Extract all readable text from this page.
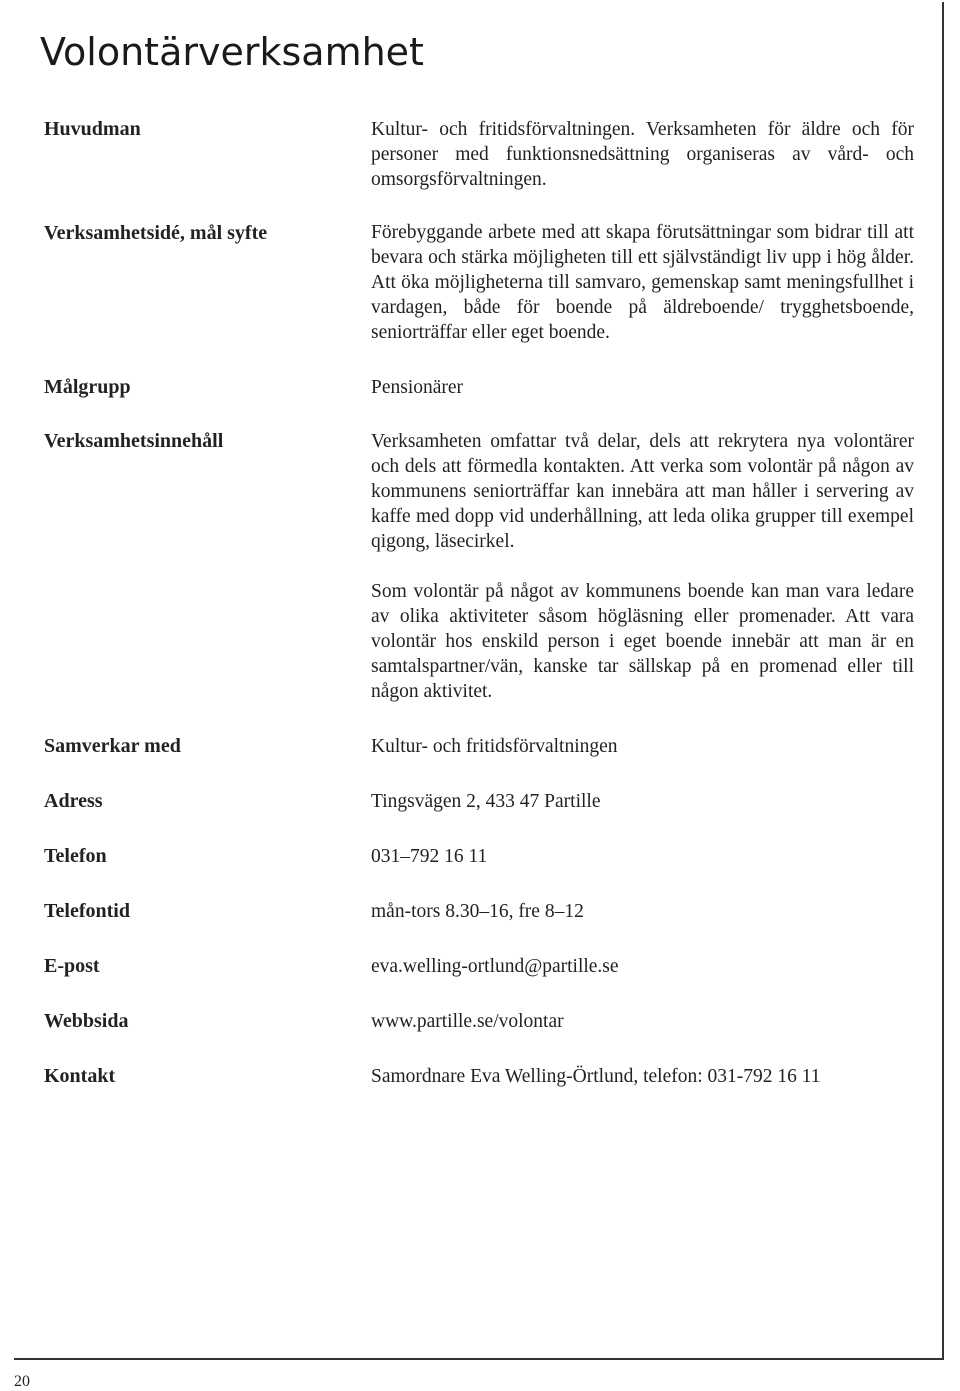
Volontärverksamhet
Huvudman	Kultur- och fritidsförvaltningen. Verksamheten för äldre och för personer med funktionsnedsättning organiseras av vård- och omsorgsförvaltningen.

Verksamhetsidé, mål syfte	Förebyggande arbete med att skapa förutsättningar som bidrar till att bevara och stärka möjligheten till ett självständigt liv upp i hög ålder. Att öka möjligheterna till samvaro, gemenskap samt meningsfullhet i vardagen, både för boende på äldreboende/ trygghetsboende, seniorträffar eller eget boende.

Målgrupp	Pensionärer

Verksamhetsinnehåll	Verksamheten omfattar två delar, dels att rekrytera nya volontärer och dels att förmedla kontakten. Att verka som volontär på någon av kommunens seniorträffar kan innebära att man håller i servering av kaffe med dopp vid underhållning, att leda olika grupper till exempel qigong, läsecirkel.

Som volontär på något av kommunens boende kan man vara ledare av olika aktiviteter såsom högläsning eller promenader. Att vara volontär hos enskild person i eget boende innebär att man är en samtalspartner/vän, kanske tar sällskap på en promenad eller till någon aktivitet.

Samverkar med	Kultur- och fritidsförvaltningen

Adress	Tingsvägen 2, 433 47 Partille

Telefon	031–792 16 11

Telefontid	mån-tors 8.30–16, fre 8–12

E-post	eva.welling-ortlund@partille.se

Webbsida	www.partille.se/volontar

Kontakt	Samordnare Eva Welling-Örtlund, telefon: 031-792 16 11

20
